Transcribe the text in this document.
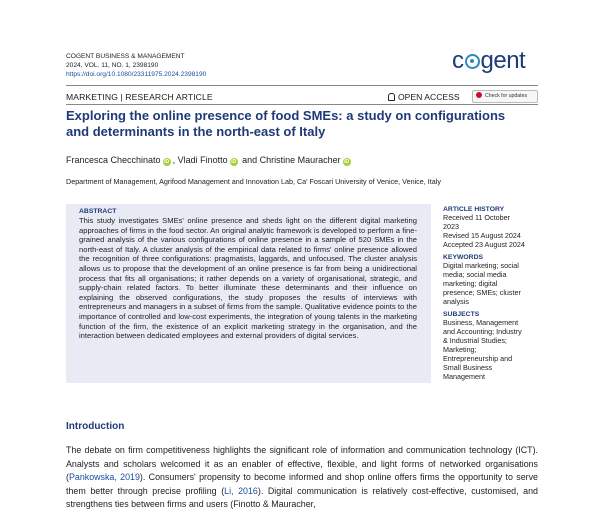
COGENT BUSINESS & MANAGEMENT
2024, VOL. 11, NO. 1, 2398190
https://doi.org/10.1080/23311975.2024.2398190
c gent
MARKETING | RESEARCH ARTICLE	OPEN ACCESS	Check for updates
Exploring the online presence of food SMEs: a study on configurations and determinants in the north-east of Italy
Francesca Checchinato iD , Vladi Finotto iD and Christine Mauracher iD
Department of Management, Agrifood Management and Innovation Lab, Ca' Foscari University of Venice, Venice, Italy
ABSTRACT
This study investigates SMEs' online presence and sheds light on the different digital marketing approaches of firms in the food sector. An original analytic framework is developed to perform a fine-grained analysis of the various configurations of online presence in a sample of 520 SMEs in the north-east of Italy. A cluster analysis of the empirical data related to firms' online presence allowed the recognition of three configurations: pragmatists, laggards, and unfocused. The cluster analysis allows us to propose that the development of an online presence is far from being a unidirectional process that fits all organisations; it rather depends on a variety of organisational, strategic, and supply-chain related factors. To better illuminate these determinants and their influence on explaining the observed configurations, the study proposes the results of interviews with entrepreneurs and managers in a subset of firms from the sample. Qualitative evidence points to the importance of controlled and low-cost experiments, the integration of young talents in the marketing function of the firm, the existence of an explicit marketing strategy in the organisation, and the interaction between dedicated employees and external providers of digital services.
ARTICLE HISTORY
Received 11 October
2023
Revised 15 August 2024
Accepted 23 August 2024
KEYWORDS
Digital marketing; social
media; social media
marketing; digital
presence; SMEs; cluster
analysis
SUBJECTS
Business, Management
and Accounting; Industry
& Industrial Studies;
Marketing;
Entrepreneurship and
Small Business
Management
Introduction
The debate on firm competitiveness highlights the significant role of information and communication technology (ICT). Analysts and scholars welcomed it as an enabler of effective, flexible, and light forms of networked organisations (Pankowska, 2019). Consumers' propensity to become informed and shop online offers firms the opportunity to serve them better through precise profiling (Li, 2016). Digital communication is relatively cost-effective, customised, and strengthens ties between firms and users (Finotto & Mauracher,
